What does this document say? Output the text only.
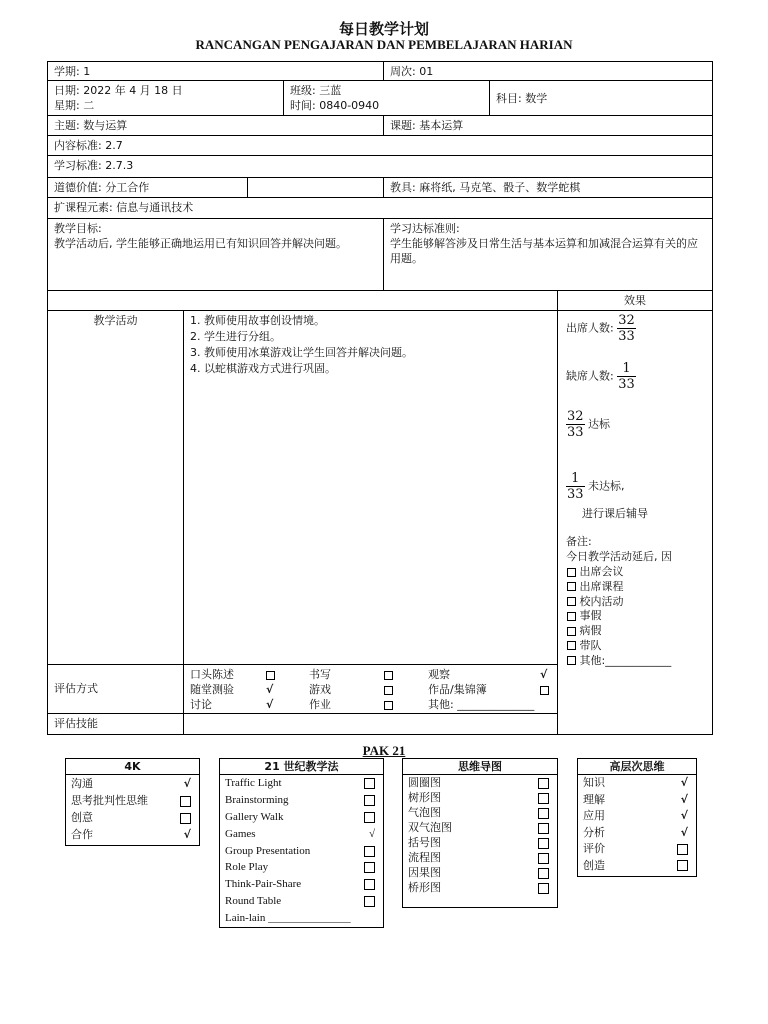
每日教学计划
RANCANGAN PENGAJARAN DAN PEMBELAJARAN HARIAN
学期: 1	周次: 01
日期: 2022 年 4 月 18 日
星期: 二
班级: 三蓝
时间: 0840-0940
科目: 数学
主题: 数与运算	课题: 基本运算
内容标准: 2.7
学习标准: 2.7.3
道德价值: 分工合作	教具: 麻将纸, 马克笔、骰子、数学蛇棋
扩课程元素: 信息与通讯技术
教学目标:
教学活动后, 学生能够正确地运用已有知识回答并解决问题。
学习达标准则:
学生能够解答涉及日常生活与基本运算和加减混合运算有关的应用题。
效果
教学活动	1. 教师使用故事创设情境。
2. 学生进行分组。
3. 教师使用冰菓游戏让学生回答并解决问题。
4. 以蛇棋游戏方式进行巩固。
出席人数: $\frac{32}{33}$
缺席人数: $\frac{1}{33}$
$\frac{32}{33}$ 达标
$\frac{1}{33}$ 未达标,
进行课后辅导
备注:
今日教学活动延后, 因
出席会议
出席课程
校内活动
事假
病假
带队
其他:____________
评估方式
口头陈述	书写	观察	√
随堂测验	√	游戏	作品/集锦簿
讨论	√	作业	其他: ______________
评估技能
PAK 21
4K
沟通	√
思考批判性思维
创意
合作	√
21 世纪教学法
Traffic Light
Brainstorming
Gallery Walk
Games	√
Group Presentation
Role Play
Think-Pair-Share
Round Table
Lain-lain _______________
思维导图
圆圈图
树形图
气泡图
双气泡图
括号图
流程图
因果图
桥形图
高层次思维
知识	√
理解	√
应用	√
分析	√
评价
创造
